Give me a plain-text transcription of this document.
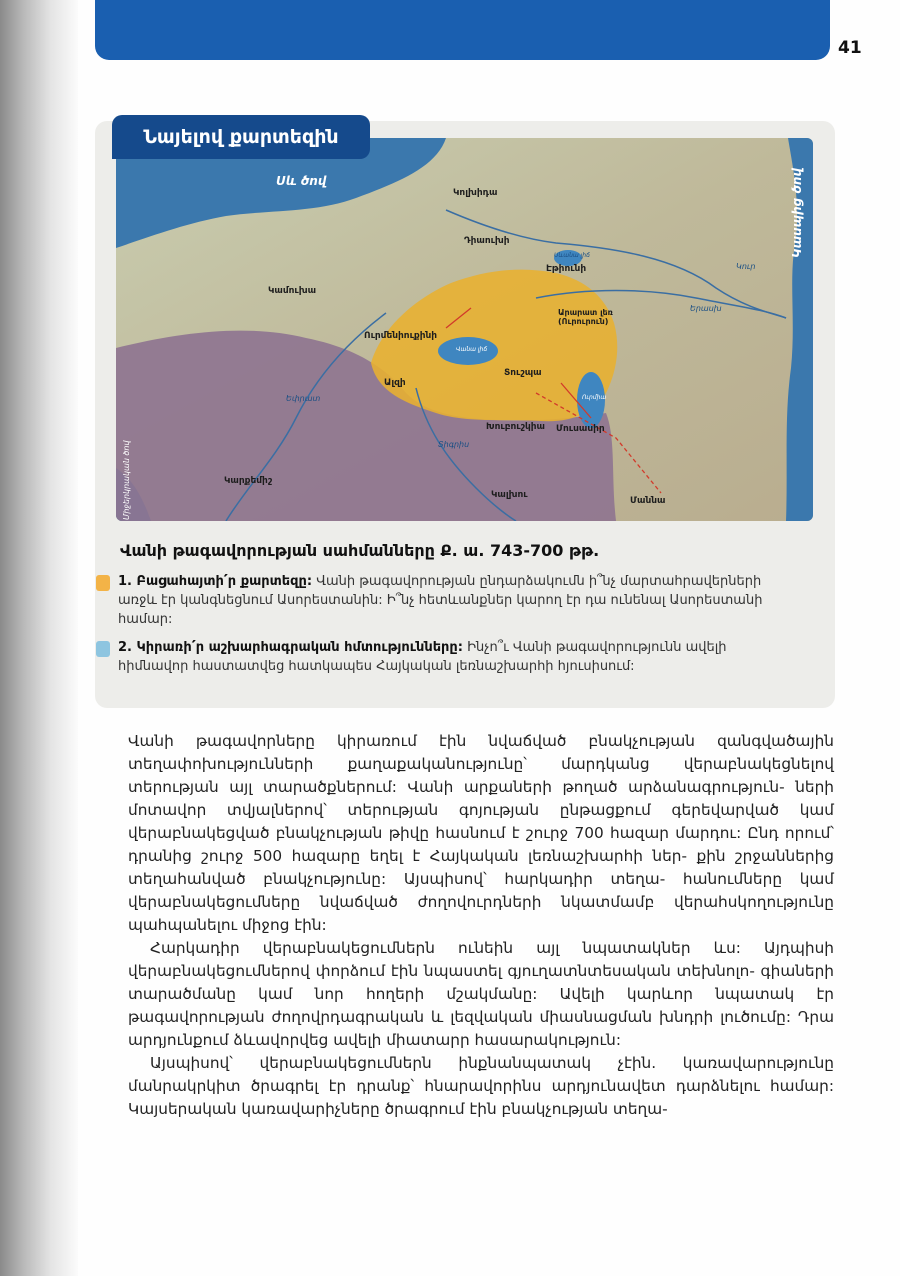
41
Սև ծով	Կասպից ծով
Կոլխիդա
Դիաուխի
Էթիունի
Կամուխա
Ուրմենիուքինի
Արարատ լեռ (Ուրուրուն)
Տուշպա
Ալզի
Խուբուշկիա Մուսասիր
Կալխու
Մաննա
Կարքեմիշ
Միջերկրական ծով
Եփրատ
Տիգրիս
Կուր
Երասխ
Սևանա լիճ
Վանա լիճ
Ուրմիա
Նայելով քարտեզին
Վանի թագավորության սահմանները Ք. ա. 743-700 թթ.
1. Բացահայտի՛ր քարտեզը: Վանի թագավորության ընդարձակումն ի՞նչ մարտահրավերների առջև էր կանգնեցնում Ասորեստանին: Ի՞նչ հետևանքներ կարող էր դա ունենալ Ասորեստանի համար:
2. Կիրառի՛ր աշխարհագրական հմտությունները: Ինչո՞ւ Վանի թագավորությունն ավելի հիմնավոր հաստատվեց հատկապես Հայկական լեռնաշխարհի հյուսիսում:

Վանի թագավորները կիրառում էին նվաճված բնակչության զանգվածային տեղափոխությունների քաղաքականությունը՝ մարդկանց վերաբնակեցնելով տերության այլ տարածքներում: Վանի արքաների թողած արձանագրություն- ների մոտավոր տվյալներով՝ տերության գոյության ընթացքում գերեվարված կամ վերաբնակեցված բնակչության թիվը հասնում է շուրջ 700 հազար մարդու: Ընդ որում՝ դրանից շուրջ 500 հազարը եղել է Հայկական լեռնաշխարհի ներ- քին շրջաններից տեղահանված բնակչությունը: Այսպիսով՝ հարկադիր տեղա- հանումները կամ վերաբնակեցումները նվաճված ժողովուրդների նկատմամբ վերահսկողությունը պահպանելու միջոց էին:

Հարկադիր վերաբնակեցումներն ունեին այլ նպատակներ ևս: Այդպիսի վերաբնակեցումներով փորձում էին նպաստել գյուղատնտեսական տեխնոլո- գիաների տարածմանը կամ նոր հողերի մշակմանը: Ավելի կարևոր նպատակ էր թագավորության ժողովրդագրական և լեզվական միասնացման խնդրի լուծումը: Դրա արդյունքում ձևավորվեց ավելի միատարր հասարակություն:

Այսպիսով՝ վերաբնակեցումներն ինքնանպատակ չէին. կառավարությունը մանրակրկիտ ծրագրել էր դրանք՝ հնարավորինս արդյունավետ դարձնելու համար: Կայսերական կառավարիչները ծրագրում էին բնակչության տեղա-
